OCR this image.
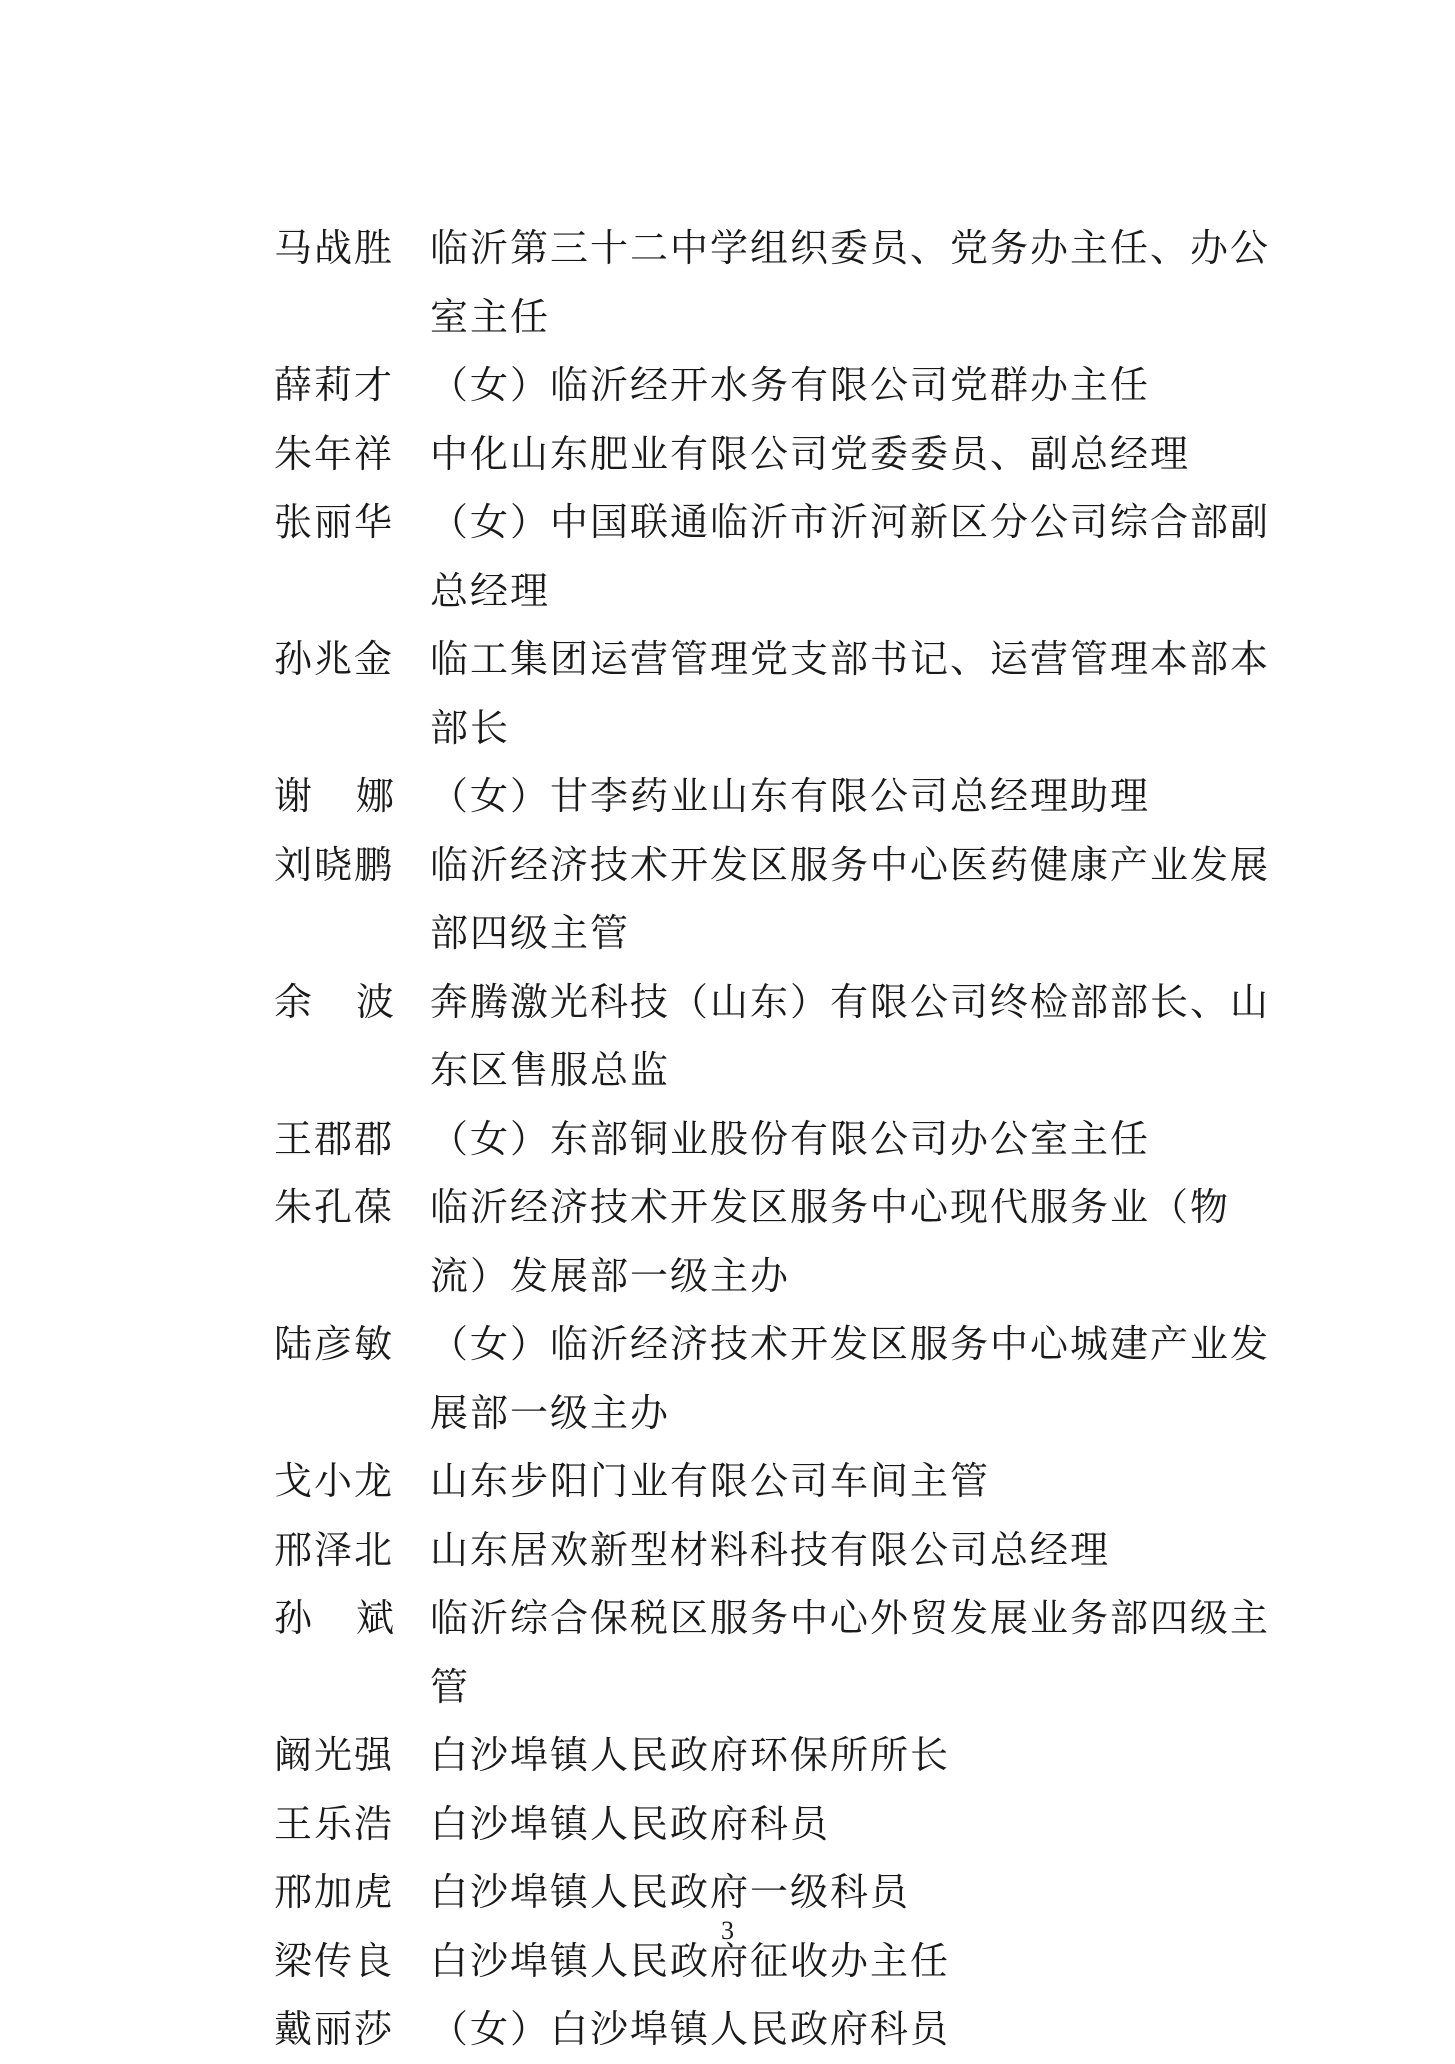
马战胜 临沂第三十二中学组织委员、党务办主任、办公室主任
薛莉才 （女）临沂经开水务有限公司党群办主任
朱年祥 中化山东肥业有限公司党委委员、副总经理
张丽华 （女）中国联通临沂市沂河新区分公司综合部副总经理
孙兆金 临工集团运营管理党支部书记、运营管理本部本部长
谢 娜 （女）甘李药业山东有限公司总经理助理
刘晓鹏 临沂经济技术开发区服务中心医药健康产业发展部四级主管
余 波 奔腾激光科技（山东）有限公司终检部部长、山东区售服总监
王郡郡 （女）东部铜业股份有限公司办公室主任
朱孔葆 临沂经济技术开发区服务中心现代服务业（物流）发展部一级主办
陆彦敏 （女）临沂经济技术开发区服务中心城建产业发展部一级主办
戈小龙 山东步阳门业有限公司车间主管
邢泽北 山东居欢新型材料科技有限公司总经理
孙 斌 临沂综合保税区服务中心外贸发展业务部四级主管
阚光强 白沙埠镇人民政府环保所所长
王乐浩 白沙埠镇人民政府科员
邢加虎 白沙埠镇人民政府一级科员
梁传良 白沙埠镇人民政府征收办主任
戴丽莎 （女）白沙埠镇人民政府科员
3
